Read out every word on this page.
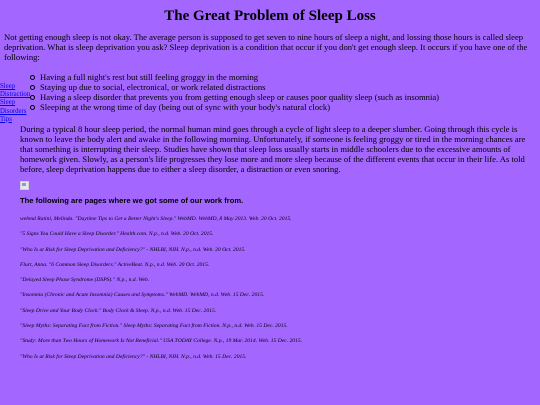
The Great Problem of Sleep Loss

Not getting enough sleep is not okay. The average person is supposed to get seven to nine hours of sleep a night, and lossing those hours is called sleep deprivation. What is sleep deprivation you ask? Sleep deprivation is a condition that occur if you don't get enough sleep. It occurs if you have one of the following:

Sleep Distraction
Sleep Disorders
Tips
Having a full night's rest but still feeling groggy in the morning
Staying up due to social, electronical, or work related distractions
Having a sleep disorder that prevents you from getting enough sleep or causes poor quality sleep (such as insomnia)
Sleeping at the wrong time of day (being out of sync with your body's natural clock)

During a typical 8 hour sleep period, the normal human mind goes through a cycle of light sleep to a deeper slumber. Going through this cycle is known to leave the body alert and awake in the following morning. Unfortunately, if someone is feeling groggy or tired in the morning chances are that something is interrupting their sleep. Studies have shown that sleep loss usually starts in middle schoolers due to the excessive amounts of homework given. Slowly, as a person's life progresses they lose more and more sleep because of the different events that occur in their life. As told before, sleep deprivation happens due to either a sleep disorder, a distraction or even snoring.

The following are pages where we got some of our work from.

webmd Ratini, Melinda. "Daytime Tips to Get a Better Night's Sleep." WebMD. WebMD, 8 May 2013. Web. 20 Oct. 2015.

"5 Signs You Could Have a Sleep Disorder." Health.com. N.p., n.d. Web. 20 Oct. 2015.

"Who Is at Risk for Sleep Deprivation and Deficiency?" - NHLBI, NIH. N.p., n.d. Web. 20 Oct. 2015.

Flurt, Anna. "6 Common Sleep Disorders." ActiveBeat. N.p., n.d. Web. 20 Oct. 2015.

"Delayed Sleep Phase Syndrome (DSPS)." N.p., n.d. Web.

"Insomnia (Chronic and Acute Insomnia) Causes and Symptoms." WebMD. WebMD, n.d. Web. 15 Dec. 2015.

"Sleep Drive and Your Body Clock." Body Clock & Sleep. N.p., n.d. Web. 15 Dec. 2015.

"Sleep Myths: Separating Fact from Fiction." Sleep Myths: Separating Fact from Fiction. N.p., n.d. Web. 15 Dec. 2015.

"Study: More than Two Hours of Homework Is Not Beneficial." USA TODAY College. N.p., 19 Mar. 2014. Web. 15 Dec. 2015.

"Who Is at Risk for Sleep Deprivation and Deficiency?" - NHLBI, NIH. N.p., n.d. Web. 15 Dec. 2015.
